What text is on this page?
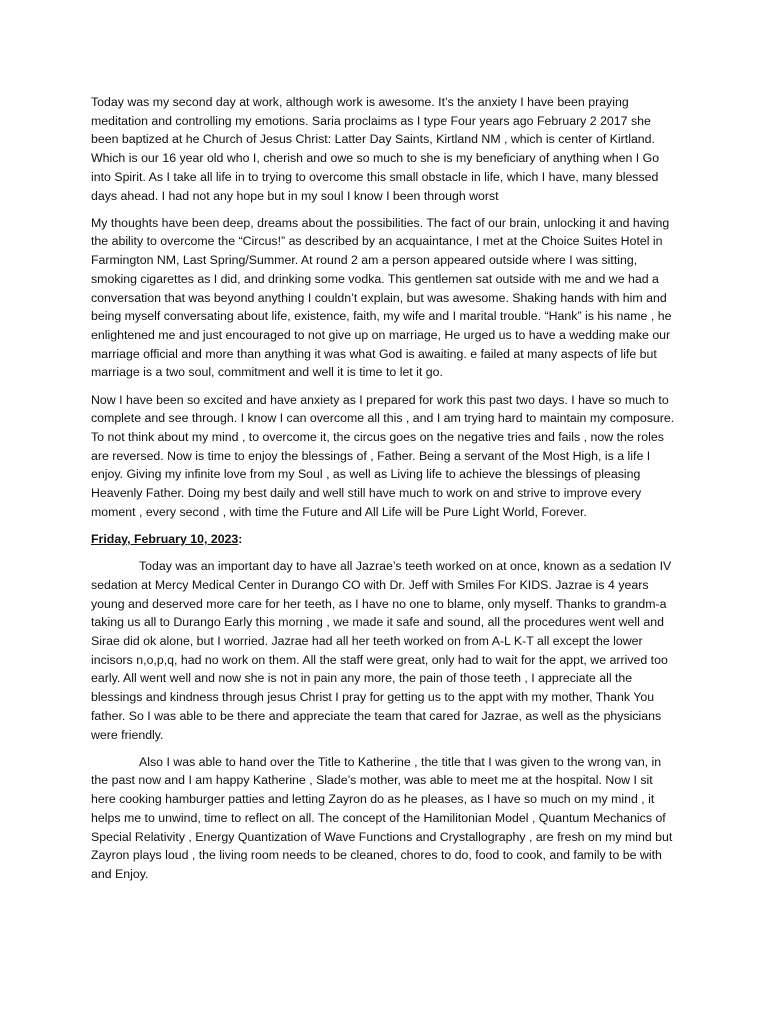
Today was my second day at work, although work is awesome. It’s the anxiety I have been praying meditation and controlling my emotions. Saria proclaims as I type Four years ago February 2 2017 she been baptized at he Church of Jesus Christ: Latter Day Saints, Kirtland NM , which is center of Kirtland. Which is our 16 year old who I, cherish and owe so much to she is my beneficiary of anything when I Go into Spirit. As I take all life in to trying to overcome this small obstacle in life, which I have, many blessed days ahead. I had not any hope but in my soul I know I been through worst

My thoughts have been deep, dreams about the possibilities. The fact of our brain, unlocking it and having the ability to overcome the “Circus!” as described by an acquaintance, I met at the Choice Suites Hotel in Farmington NM, Last Spring/Summer. At round 2 am a person appeared outside where I was sitting, smoking cigarettes as I did, and drinking some vodka. This gentlemen sat outside with me and we had a conversation that was beyond anything I couldn’t explain, but was awesome. Shaking hands with him and being myself conversating about life, existence, faith, my wife and I marital trouble. “Hank” is his name , he enlightened me and just encouraged to not give up on marriage, He urged us to have a wedding make our marriage official and more than anything it was what God is awaiting. e failed at many aspects of life but marriage is a two soul, commitment and well it is time to let it go.

Now I have been so excited and have anxiety as I prepared for work this past two days. I have so much to complete and see through. I know I can overcome all this , and I am trying hard to maintain my composure. To not think about my mind , to overcome it, the circus goes on the negative tries and fails , now the roles are reversed. Now is time to enjoy the blessings of , Father. Being a servant of the Most High, is a life I enjoy. Giving my infinite love from my Soul , as well as Living life to achieve the blessings of pleasing Heavenly Father. Doing my best daily and well still have much to work on and strive to improve every moment , every second , with time the Future and All Life will be Pure Light World, Forever.

Friday, February 10, 2023:

Today was an important day to have all Jazrae’s teeth worked on at once, known as a sedation IV sedation at Mercy Medical Center in Durango CO with Dr. Jeff with Smiles For KIDS. Jazrae is 4 years young and deserved more care for her teeth, as I have no one to blame, only myself. Thanks to grandm-a taking us all to Durango Early this morning , we made it safe and sound, all the procedures went well and Sirae did ok alone, but I worried. Jazrae had all her teeth worked on from A-L K-T all except the lower incisors n,o,p,q, had no work on them. All the staff were great, only had to wait for the appt, we arrived too early. All went well and now she is not in pain any more, the pain of those teeth , I appreciate all the blessings and kindness through jesus Christ I pray for getting us to the appt with my mother, Thank You father. So I was able to be there and appreciate the team that cared for Jazrae, as well as the physicians were friendly.

Also I was able to hand over the Title to Katherine , the title that I was given to the wrong van, in the past now and I am happy Katherine , Slade’s mother, was able to meet me at the hospital. Now I sit here cooking hamburger patties and letting Zayron do as he pleases, as I have so much on my mind , it helps me to unwind, time to reflect on all. The concept of the Hamilitonian Model , Quantum Mechanics of Special Relativity , Energy Quantization of Wave Functions and Crystallography , are fresh on my mind but Zayron plays loud , the living room needs to be cleaned, chores to do, food to cook, and family to be with and Enjoy.
